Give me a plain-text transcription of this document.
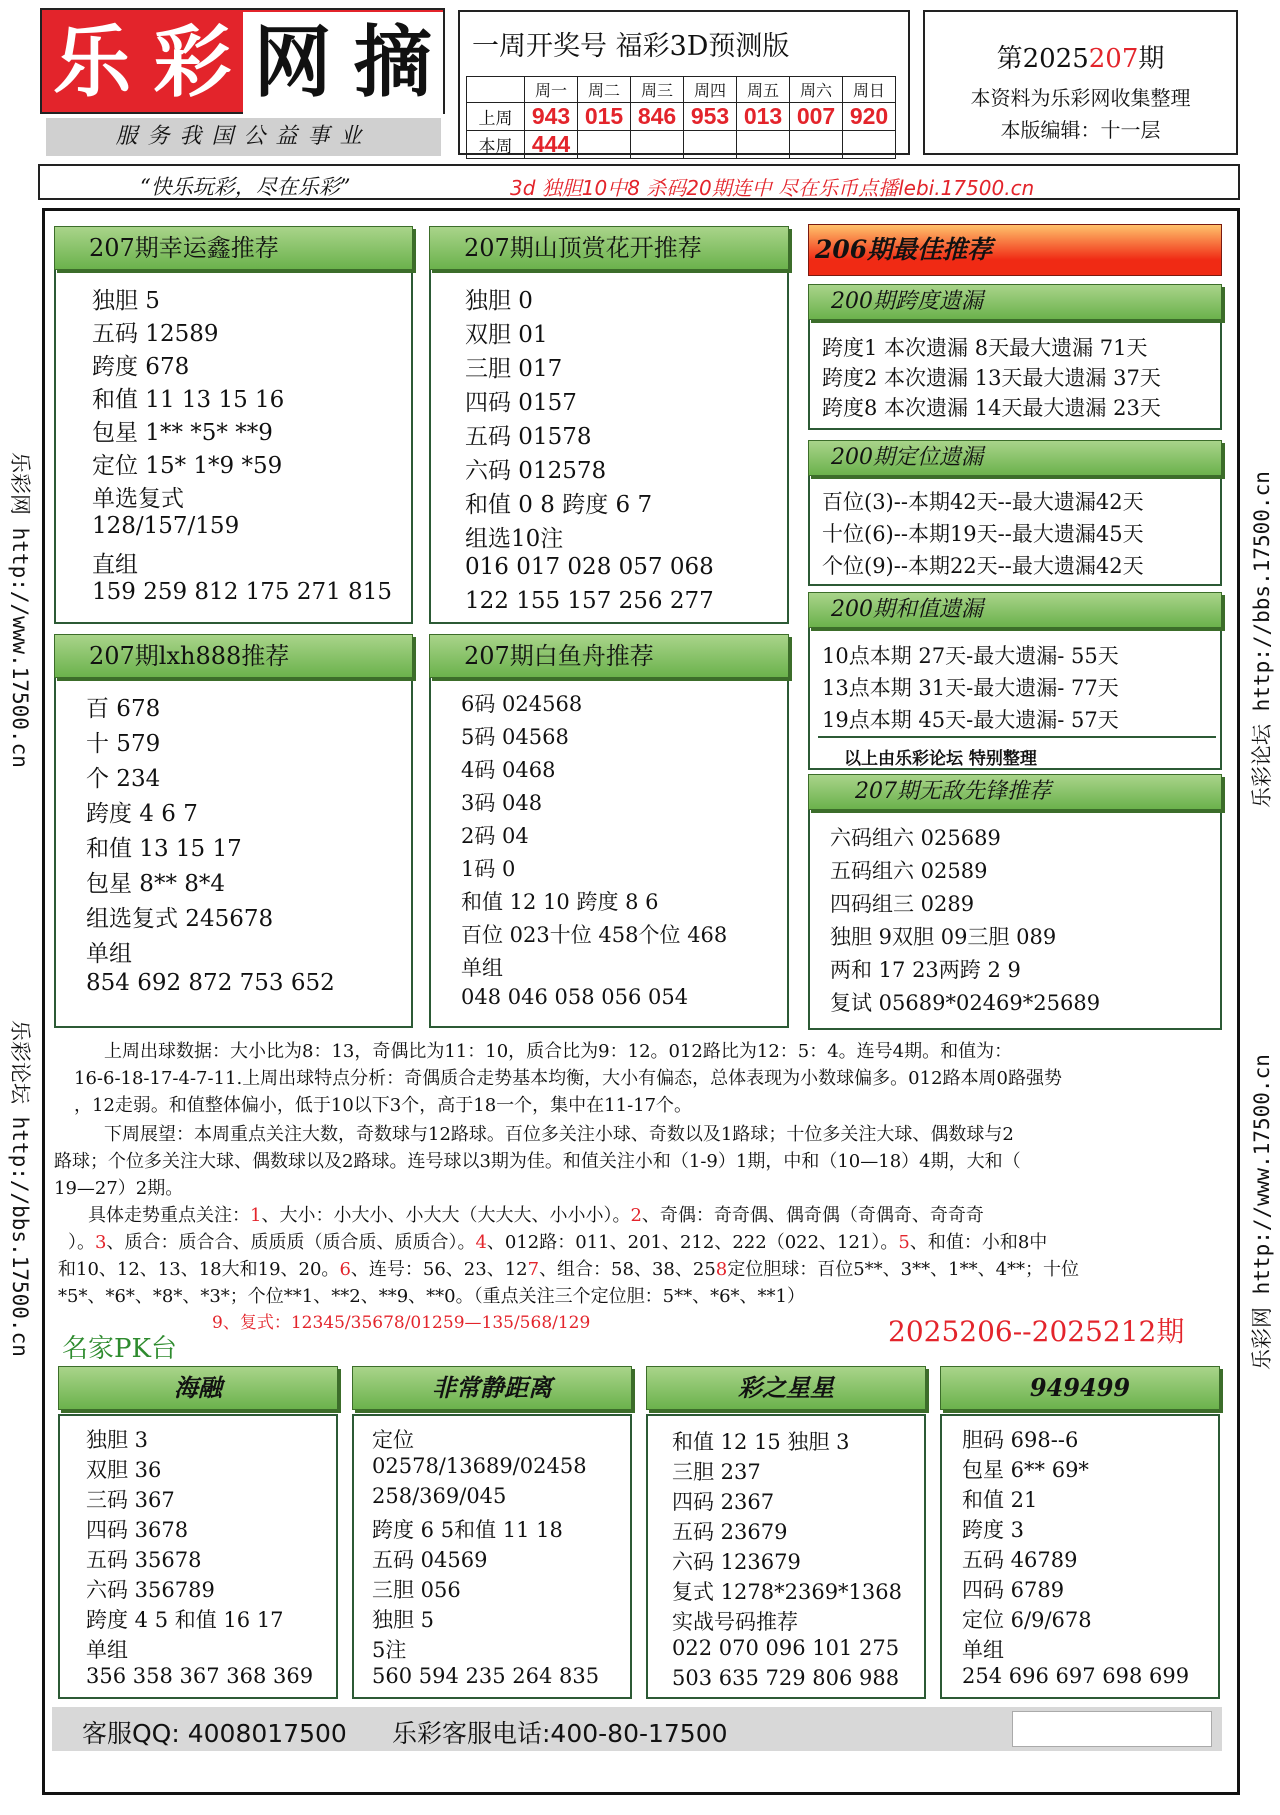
乐 彩 网 摘
服务我国公益事业
一周开奖号 福彩3D预测版
	周一	周二	周三	周四	周五	周六	周日
上周	943	015	846	953	013	007	920
本周	444						
第2025207期
本资料为乐彩网收集整理
本版编辑：十一层
“快乐玩彩，尽在乐彩”	3d 独胆10中8 杀码20期连中 尽在乐币点播lebi.17500.cn
乐彩网 http://www.17500.cn
乐彩论坛 http://bbs.17500.cn
乐彩论坛 http://bbs.17500.cn
乐彩网 http://www.17500.cn
独胆 5
五码 12589
跨度 678
和值 11 13 15 16
包星 1** *5* **9
定位 15* 1*9 *59
单选复式
128/157/159
直组
159 259 812 175 271 815
207期幸运鑫推荐
独胆 0
双胆 01
三胆 017
四码 0157
五码 01578
六码 012578
和值 0 8 跨度 6 7
组选10注
016 017 028 057 068
122 155 157 256 277
207期山顶赏花开推荐
百 678
十 579
个 234
跨度 4 6 7
和值 13 15 17
包星 8** 8*4
组选复式 245678
单组
854 692 872 753 652
207期lxh888推荐
6码 024568
5码 04568
4码 0468
3码 048
2码 04
1码 0
和值 12 10 跨度 8 6
百位 023十位 458个位 468
单组
048 046 058 056 054
207期白鱼舟推荐
206期最佳推荐
跨度1 本次遗漏 8天最大遗漏 71天
跨度2 本次遗漏 13天最大遗漏 37天
跨度8 本次遗漏 14天最大遗漏 23天
200期跨度遗漏
百位(3)--本期42天--最大遗漏42天
十位(6)--本期19天--最大遗漏45天
个位(9)--本期22天--最大遗漏42天
200期定位遗漏
10点本期 27天-最大遗漏- 55天
13点本期 31天-最大遗漏- 77天
19点本期 45天-最大遗漏- 57天
以上由乐彩论坛 特别整理
200期和值遗漏
六码组六 025689
五码组六 02589
四码组三 0289
独胆 9双胆 09三胆 089
两和 17 23两跨 2 9
复试 05689*02469*25689
207期无敌先锋推荐
上周出球数据：大小比为8：13，奇偶比为11：10，质合比为9：12。012路比为12：5：4。连号4期。和值为：
16-6-18-17-4-7-11.上周出球特点分析：奇偶质合走势基本均衡，大小有偏态，总体表现为小数球偏多。012路本周0路强势
，12走弱。和值整体偏小，低于10以下3个，高于18一个，集中在11-17个。
下周展望：本周重点关注大数，奇数球与12路球。百位多关注小球、奇数以及1路球；十位多关注大球、偶数球与2
路球；个位多关注大球、偶数球以及2路球。连号球以3期为佳。和值关注小和（1-9）1期，中和（10—18）4期，大和（
19—27）2期。
具体走势重点关注：1、大小：小大小、小大大（大大大、小小小）。2、奇偶：奇奇偶、偶奇偶（奇偶奇、奇奇奇
）。3、质合：质合合、质质质（质合质、质质合）。4、012路：011、201、212、222（022、121）。5、和值：小和8中
和10、12、13、18大和19、20。6、连号：56、23、127、组合：58、38、258定位胆球：百位5**、3**、1**、4**；十位
*5*、*6*、*8*、*3*；个位**1、**2、**9、**0。（重点关注三个定位胆：5**、*6*、**1）
9、复式：12345/35678/01259—135/568/129
名家PK台
2025206--2025212期
独胆 3
双胆 36
三码 367
四码 3678
五码 35678
六码 356789
跨度 4 5 和值 16 17
单组
356 358 367 368 369
海融
定位
02578/13689/02458
258/369/045
跨度 6 5和值 11 18
五码 04569
三胆 056
独胆 5
5注
560 594 235 264 835
非常静距离
和值 12 15 独胆 3
三胆 237
四码 2367
五码 23679
六码 123679
复式 1278*2369*1368
实战号码推荐
022 070 096 101 275
503 635 729 806 988
彩之星星
胆码 698--6
包星 6** 69*
和值 21
跨度 3
五码 46789
四码 6789
定位 6/9/678
单组
254 696 697 698 699
949499
客服QQ: 4008017500 乐彩客服电话:400-80-17500
